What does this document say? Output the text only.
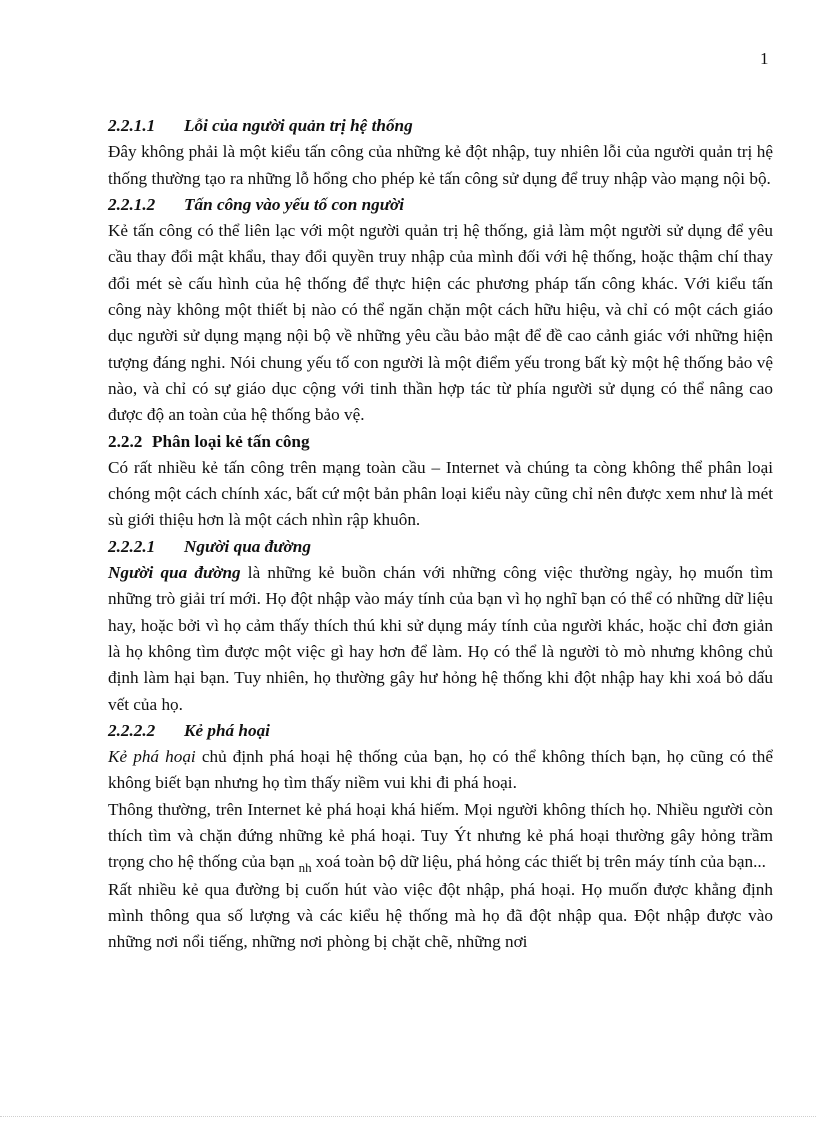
1
2.2.1.1 Lỗi của người quản trị hệ thống

Đây không phải là một kiểu tấn công của những kẻ đột nhập, tuy nhiên lỗi của người quản trị hệ thống thường tạo ra những lỗ hổng cho phép kẻ tấn công sử dụng để truy nhập vào mạng nội bộ.

2.2.1.2 Tấn công vào yếu tố con người

Kẻ tấn công có thể liên lạc với một người quản trị hệ thống, giả làm một người sử dụng để yêu cầu thay đổi mật khẩu, thay đổi quyền truy nhập của mình đối với hệ thống, hoặc thậm chí thay đổi mét sè cấu hình của hệ thống để thực hiện các phương pháp tấn công khác. Với kiểu tấn công này không một thiết bị nào có thể ngăn chặn một cách hữu hiệu, và chỉ có một cách giáo dục người sử dụng mạng nội bộ về những yêu cầu bảo mật để đề cao cảnh giác với những hiện tượng đáng nghi. Nói chung yếu tố con người là một điểm yếu trong bất kỳ một hệ thống bảo vệ nào, và chỉ có sự giáo dục cộng với tinh thần hợp tác từ phía người sử dụng có thể nâng cao được độ an toàn của hệ thống bảo vệ.

2.2.2 Phân loại kẻ tấn công

Có rất nhiều kẻ tấn công trên mạng toàn cầu – Internet và chúng ta còng không thể phân loại chóng một cách chính xác, bất cứ một bản phân loại kiểu này cũng chỉ nên được xem như là mét sù giới thiệu hơn là một cách nhìn rập khuôn.

2.2.2.1 Người qua đường

Người qua đường là những kẻ buồn chán với những công việc thường ngày, họ muốn tìm những trò giải trí mới. Họ đột nhập vào máy tính của bạn vì họ nghĩ bạn có thể có những dữ liệu hay, hoặc bởi vì họ cảm thấy thích thú khi sử dụng máy tính của người khác, hoặc chỉ đơn giản là họ không tìm được một việc gì hay hơn để làm. Họ có thể là người tò mò nhưng không chủ định làm hại bạn. Tuy nhiên, họ thường gây hư hỏng hệ thống khi đột nhập hay khi xoá bỏ dấu vết của họ.

2.2.2.2 Kẻ phá hoại

Kẻ phá hoại chủ định phá hoại hệ thống của bạn, họ có thể không thích bạn, họ cũng có thể không biết bạn nhưng họ tìm thấy niềm vui khi đi phá hoại.

Thông thường, trên Internet kẻ phá hoại khá hiếm. Mọi người không thích họ. Nhiều người còn thích tìm và chặn đứng những kẻ phá hoại. Tuy Ýt nhưng kẻ phá hoại thường gây hỏng trầm trọng cho hệ thống của bạn $_{nh}$ xoá toàn bộ dữ liệu, phá hỏng các thiết bị trên máy tính của bạn...

Rất nhiều kẻ qua đường bị cuốn hút vào việc đột nhập, phá hoại. Họ muốn được khẳng định mình thông qua số lượng và các kiểu hệ thống mà họ đã đột nhập qua. Đột nhập được vào những nơi nổi tiếng, những nơi phòng bị chặt chẽ, những nơi
